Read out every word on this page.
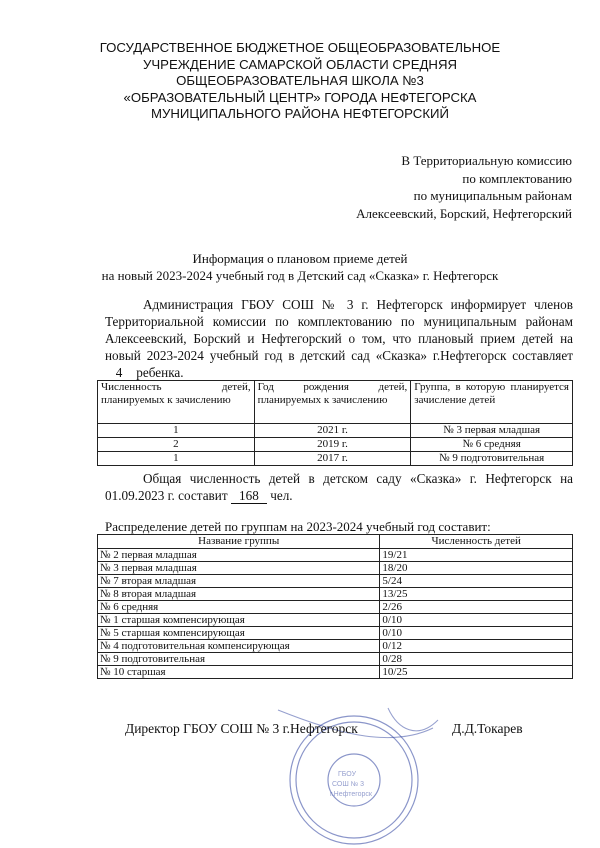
ГОСУДАРСТВЕННОЕ БЮДЖЕТНОЕ ОБЩЕОБРАЗОВАТЕЛЬНОЕ
УЧРЕЖДЕНИЕ САМАРСКОЙ ОБЛАСТИ СРЕДНЯЯ
ОБЩЕОБРАЗОВАТЕЛЬНАЯ ШКОЛА №3
«ОБРАЗОВАТЕЛЬНЫЙ ЦЕНТР» ГОРОДА НЕФТЕГОРСКА
МУНИЦИПАЛЬНОГО РАЙОНА НЕФТЕГОРСКИЙ
В Территориальную комиссию
по комплектованию
по муниципальным районам
Алексеевский, Борский, Нефтегорский
Информация о плановом приеме детей
на новый 2023-2024 учебный год в Детский сад «Сказка» г. Нефтегорск
Администрация ГБОУ СОШ № 3 г. Нефтегорск информирует членов Территориальной комиссии по комплектованию по муниципальным районам Алексеевский, Борский и Нефтегорский о том, что плановый прием детей на новый 2023-2024 учебный год в детский сад «Сказка» г.Нефтегорск составляет 4 ребенка.
Численность детей, планируемых к зачислению	Год рождения детей, планируемых к зачислению	Группа, в которую планируется зачисление детей
1	2021 г.	№ 3 первая младшая
2	2019 г.	№ 6 средняя
1	2017 г.	№ 9 подготовительная
Общая численность детей в детском саду «Сказка» г. Нефтегорск на 01.09.2023 г. составит 168 чел.
Распределение детей по группам на 2023-2024 учебный год составит:
Название группы	Численность детей
№ 2 первая младшая	19/21
№ 3 первая младшая	18/20
№ 7 вторая младшая	5/24
№ 8 вторая младшая	13/25
№ 6 средняя	2/26
№ 1 старшая компенсирующая	0/10
№ 5 старшая компенсирующая	0/10
№ 4 подготовительная компенсирующая	0/12
№ 9 подготовительная	0/28
№ 10 старшая	10/25
ГБОУ
СОШ № 3
г.Нефтегорск
Директор ГБОУ СОШ № 3 г.Нефтегорск	Д.Д.Токарев
